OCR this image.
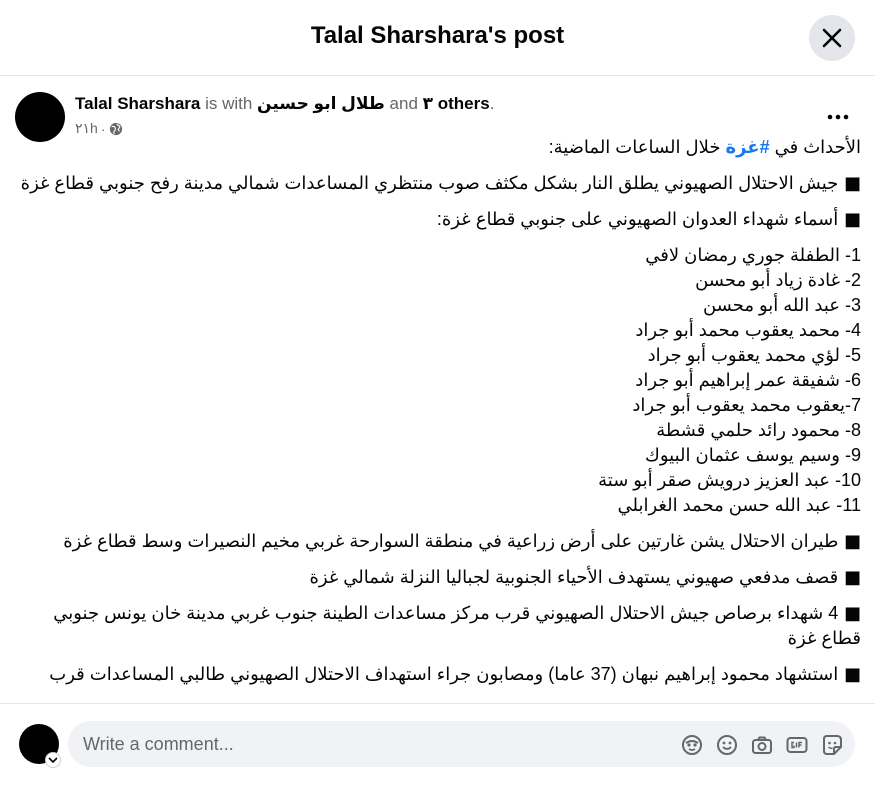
Talal Sharshara's post
Talal Sharshara is with طلال ابو حسين and ٣ others.
٢١h ·

الأحداث في #غزة خلال الساعات الماضية:

■ جيش الاحتلال الصهيوني يطلق النار بشكل مكثف صوب منتظري المساعدات شمالي مدينة رفح جنوبي قطاع غزة

■ أسماء شهداء العدوان الصهيوني على جنوبي قطاع غزة:

1- الطفلة جوري رمضان لافي

2- غادة زياد أبو محسن

3- عبد الله أبو محسن

4- محمد يعقوب محمد أبو جراد

5- لؤي محمد يعقوب أبو جراد

6- شفيقة عمر إبراهيم أبو جراد

7-يعقوب محمد يعقوب أبو جراد

8- محمود رائد حلمي قشطة

9- وسيم يوسف عثمان البيوك

10- عبد العزيز درويش صقر أبو ستة

11- عبد الله حسن محمد الغرابلي

■ طيران الاحتلال يشن غارتين على أرض زراعية في منطقة السوارحة غربي مخيم النصيرات وسط قطاع غزة

■ قصف مدفعي صهيوني يستهدف الأحياء الجنوبية لجباليا النزلة شمالي غزة

■ 4 شهداء برصاص جيش الاحتلال الصهيوني قرب مركز مساعدات الطينة جنوب غربي مدينة خان يونس جنوبي قطاع غزة

■ استشهاد محمود إبراهيم نبهان (37 عاما) ومصابون جراء استهداف الاحتلال الصهيوني طالبي المساعدات قرب

Write a comment...
